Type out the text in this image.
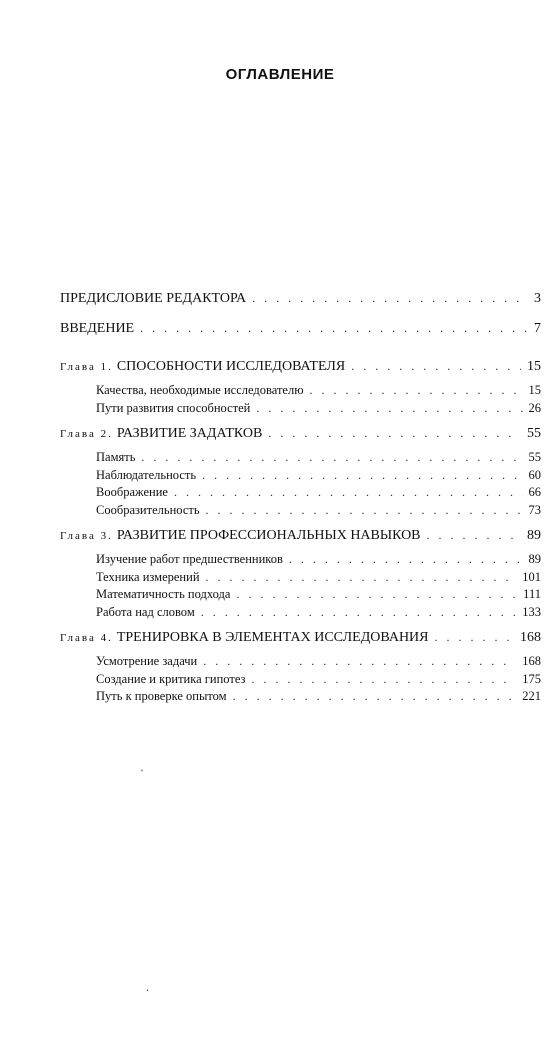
ОГЛАВЛЕНИЕ
ПРЕДИСЛОВИЕ РЕДАКТОРА . . .	3
ВВЕДЕНИЕ . . .	7
Глава 1. СПОСОБНОСТИ ИССЛЕДОВАТЕЛЯ . . .	15
Качества, необходимые исследователю . . .	15
Пути развития способностей . . .	26
Глава 2. РАЗВИТИЕ ЗАДАТКОВ . . .	55
Память . . .	55
Наблюдательность . . .	60
Воображение . . .	66
Сообразительность . . .	73
Глава 3. РАЗВИТИЕ ПРОФЕССИОНАЛЬНЫХ НАВЫКОВ . . .	89
Изучение работ предшественников . . .	89
Техника измерений . . .	101
Математичность подхода . . .	111
Работа над словом . . .	133
Глава 4. ТРЕНИРОВКА В ЭЛЕМЕНТАХ ИССЛЕДОВАНИЯ . . .	168
Усмотрение задачи . . .	168
Создание и критика гипотез . . .	175
Путь к проверке опытом . . .	221
ˏ
.
